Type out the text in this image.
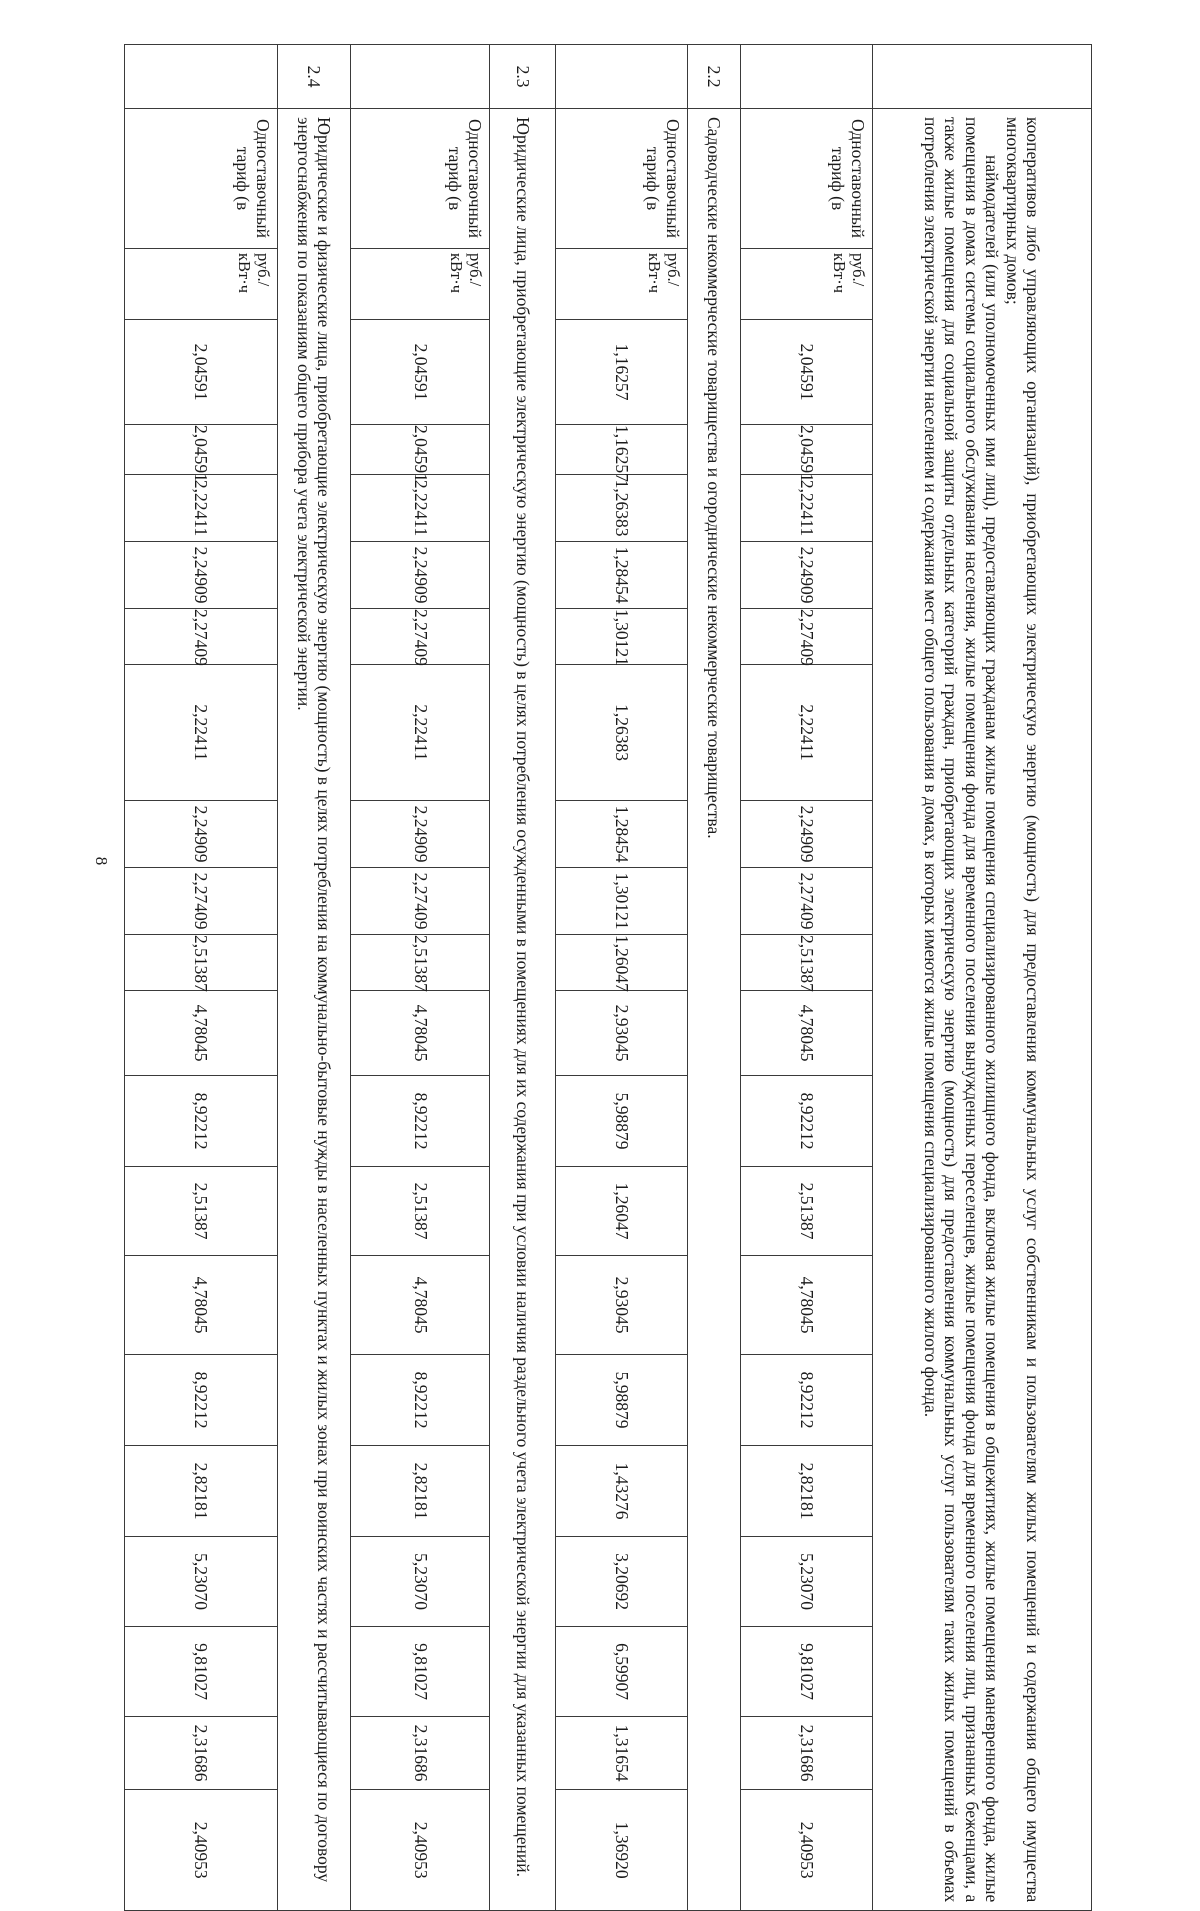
8

	кооперативов либо управляющих организаций), приобретающих электрическую энергию (мощность) для предоставления коммунальных услуг собственникам и пользователям жилых помещений и содержания общего имущества многоквартирных домов;

наймодателей (или уполномоченных ими лиц), предоставляющих гражданам жилые помещения специализированного жилищного фонда, включая жилые помещения в общежитиях, жилые помещения маневренного фонда, жилые помещения в домах системы социального обслуживания населения, жилые помещения фонда для временного поселения вынужденных переселенцев, жилые помещения фонда для временного поселения лиц, признанных беженцами, а также жилые помещения для социальной защиты отдельных категорий граждан, приобретающих электрическую энергию (мощность) для предоставления коммунальных услуг пользователям таких жилых помещений в объемах потребления электрической энергии населением и содержания мест общего пользования в домах, в которых имеются жилые помещения специализированного жилого фонда.																				

	Одноставочный тариф (в	руб./кВт·ч	2,04591	2,04591	2,22411	2,24909	2,27409	2,22411	2,24909	2,27409	2,51387	4,78045	8,92212	2,51387	4,78045	8,92212	2,82181	5,23070	9,81027	2,31686	2,40953
2.2	Садоводческие некоммерческие товарищества и огороднические некоммерческие товарищества.																				
	Одноставочный тариф (в	руб./кВт·ч	1,16257	1,16257	1,26383	1,28454	1,30121	1,26383	1,28454	1,30121	1,26047	2,93045	5,98879	1,26047	2,93045	5,98879	1,43276	3,20692	6,59907	1,31654	1,36920
2.3	Юридические лица, приобретающие электрическую энергию (мощность) в целях потребления осужденными в помещениях для их содержания при условии наличия раздельного учета электрической энергии для указанных помещений.																				
	Одноставочный тариф (в	руб./кВт·ч	2,04591	2,04591	2,22411	2,24909	2,27409	2,22411	2,24909	2,27409	2,51387	4,78045	8,92212	2,51387	4,78045	8,92212	2,82181	5,23070	9,81027	2,31686	2,40953
2.4	Юридические и физические лица, приобретающие электрическую энергию (мощность) в целях потребления на коммунально-бытовые нужды в населенных пунктах и жилых зонах при воинских частях и рассчитывающиеся по договору энергоснабжения по показаниям общего прибора учета электрической энергии.																				
	Одноставочный тариф (в	руб./кВт·ч	2,04591	2,04591	2,22411	2,24909	2,27409	2,22411	2,24909	2,27409	2,51387	4,78045	8,92212	2,51387	4,78045	8,92212	2,82181	5,23070	9,81027	2,31686	2,40953
